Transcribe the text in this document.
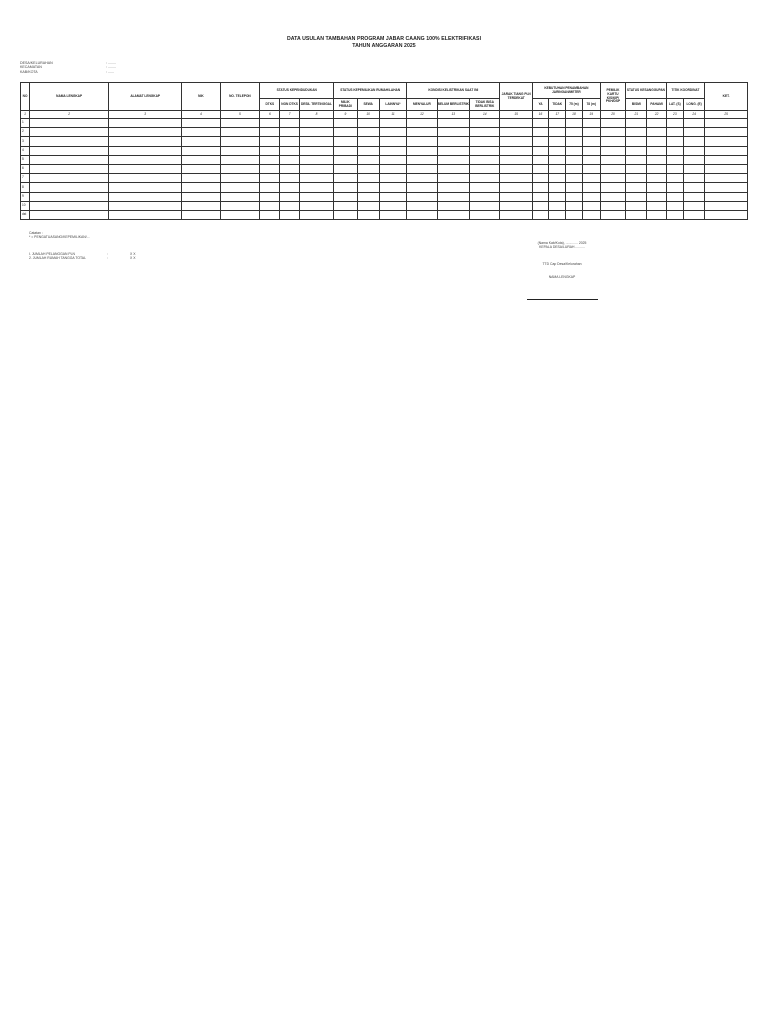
DATA USULAN TAMBAHAN PROGRAM JABAR CAANG 100% ELEKTRIFIKASI
TAHUN ANGGARAN 2025
DESA/KELURAHAN	: ........
KECAMATAN	: ........
KAB/KOTA	: ......
NO	NAMA LENGKAP	ALAMAT LENGKAP	NIK	NO. TELEPON	STATUS KEPENDUDUKAN			STATUS KEPEMILIKAN RUMAH/LAHAN			KONDISI KELISTRIKAN SAAT INI			JARAK TIANG PLN TERDEKAT	KEBUTUHAN PENAMBAHAN JARINGAN/METER				PEMILIK KARTU KIS/KIP/ PKH/DSP	STATUS KESANGGUPAN		TITIK KOORDINAT		KET.
					DTKS	NON DTKS	DESIL TERTINGGAL	MILIK PRIBADI	SEWA	LAINNYA*	MENYALUR	BELUM BERLISTRIK	TIDAK BISA BERLISTRIK		YA	TIDAK	75 (m)	78 (m)		BISMI	PAHAMI	LAT. (S)	LONG. (E)	
1	2	3	4	5	6	7	8	9	10	11	12	13	14	15	16	17	18	19	20	21	22	23	24	25
1																								
2																								
3																								
4																								
5																								
6																								
7																								
8																								
9																								
10																								
dst																								
Catatan :
* = PENGATUASANG/KEPEMILIKAN/...
I. JUMLAH PELANGGAN PLN	:	X X
2. JUMLAH RUMAH TANGGA TOTAL	:	X X
(Nama Kab/Kota), ............. 2025
KEPALA DESA/LURAH ..........
TTD Cap Desa/Kelurahan
NAMA LENGKAP
